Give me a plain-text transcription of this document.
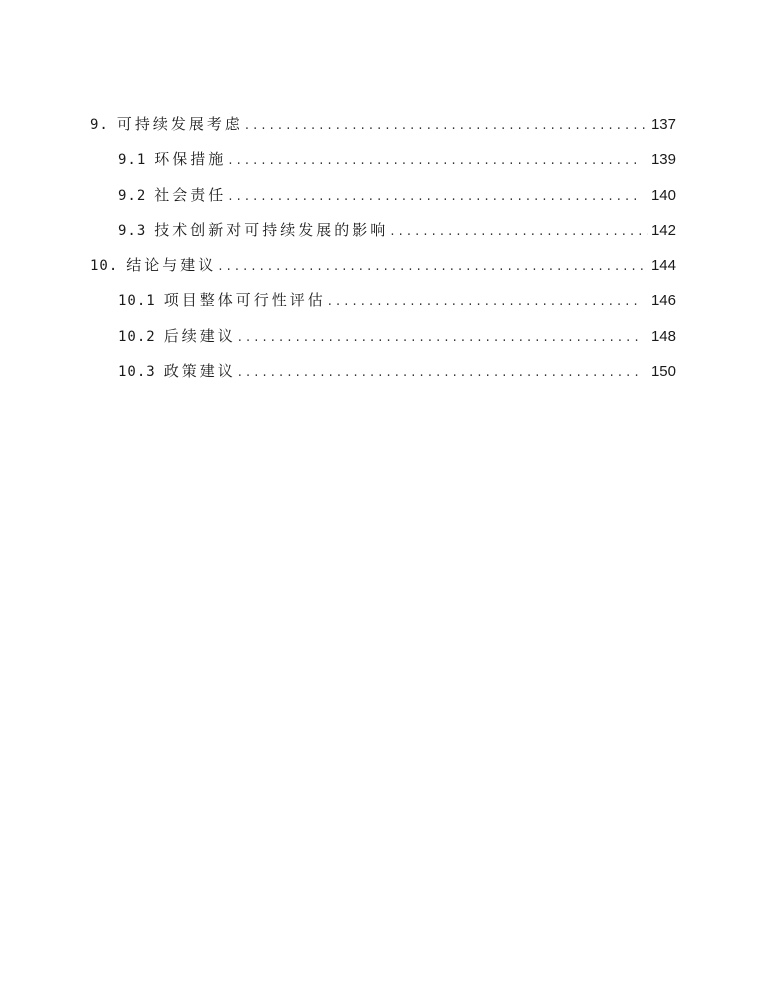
9. 可持续发展考虑 . . .	137
9.1 环保措施 . . .	139
9.2 社会责任 . . .	140
9.3 技术创新对可持续发展的影响 . . .	142
10. 结论与建议 . . .	144
10.1 项目整体可行性评估 . . .	146
10.2 后续建议 . . .	148
10.3 政策建议 . . .	150
